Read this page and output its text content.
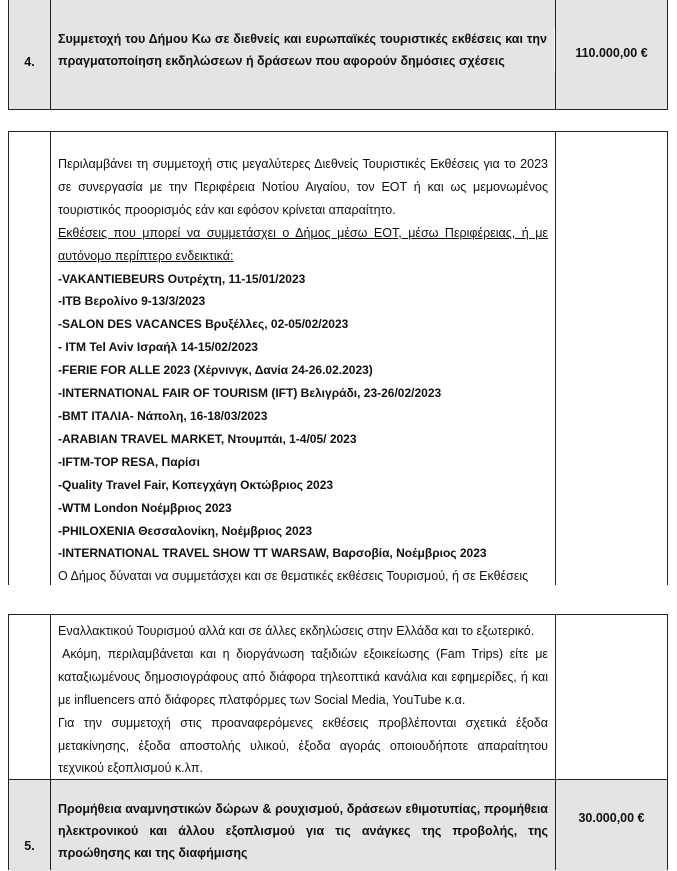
4.
Συμμετοχή του Δήμου Κω σε διεθνείς και ευρωπαϊκές τουριστικές εκθέσεις και την πραγματοποίηση εκδηλώσεων ή δράσεων που αφορούν δημόσιες σχέσεις
110.000,00 €
Περιλαμβάνει τη συμμετοχή στις μεγαλύτερες Διεθνείς Τουριστικές Εκθέσεις για το 2023 σε συνεργασία με την Περιφέρεια Νοτίου Αιγαίου, τον ΕΟΤ ή και ως μεμονωμένος τουριστικός προορισμός εάν και εφόσον κρίνεται απαραίτητο.
Εκθέσεις που μπορεί να συμμετάσχει ο Δήμος μέσω ΕΟΤ, μέσω Περιφέρειας, ή με αυτόνομο περίπτερο ενδεικτικά:
-VAKANTIEBEURS Ουτρέχτη, 11-15/01/2023
-ITB Βερολίνο 9-13/3/2023
-SALON DES VACANCES Βρυξέλλες, 02-05/02/2023
- ITM Tel Aviv Ισραήλ 14-15/02/2023
-FERIE FOR ALLE 2023 (Χέρνινγκ, Δανία 24-26.02.2023)
-INTERNATIONAL FAIR OF TOURISM (IFT) Βελιγράδι, 23-26/02/2023
-BMT ΙΤΑΛΙΑ- Νάπολη, 16-18/03/2023
-ARABIAN TRAVEL MARKET, Ντουμπάι, 1-4/05/ 2023
-IFTM-TOP RESA, Παρίσι
-Quality Travel Fair, Κοπεγχάγη Οκτώβριος 2023
-WTM London Νοέμβριος 2023
-PHILOXENIA Θεσσαλονίκη, Νοέμβριος 2023
-INTERNATIONAL TRAVEL SHOW TT WARSAW, Βαρσοβία, Νοέμβριος 2023
Ο Δήμος δύναται να συμμετάσχει και σε θεματικές εκθέσεις Τουρισμού, ή σε Εκθέσεις
Εναλλακτικού Τουρισμού αλλά και σε άλλες εκδηλώσεις στην Ελλάδα και το εξωτερικό.
Ακόμη, περιλαμβάνεται και η διοργάνωση ταξιδιών εξοικείωσης (Fam Trips) είτε με καταξιωμένους δημοσιογράφους από διάφορα τηλεοπτικά κανάλια και εφημερίδες, ή και με influencers από διάφορες πλατφόρμες των Social Media, YouTube κ.α.
Για την συμμετοχή στις προαναφερόμενες εκθέσεις προβλέπονται σχετικά έξοδα μετακίνησης, έξοδα αποστολής υλικού, έξοδα αγοράς οποιουδήποτε απαραίτητου τεχνικού εξοπλισμού κ.λπ.
5.
Προμήθεια αναμνηστικών δώρων & ρουχισμού, δράσεων εθιμοτυπίας, προμήθεια ηλεκτρονικού και άλλου εξοπλισμού για τις ανάγκες της προβολής, της προώθησης και της διαφήμισης
30.000,00 €
